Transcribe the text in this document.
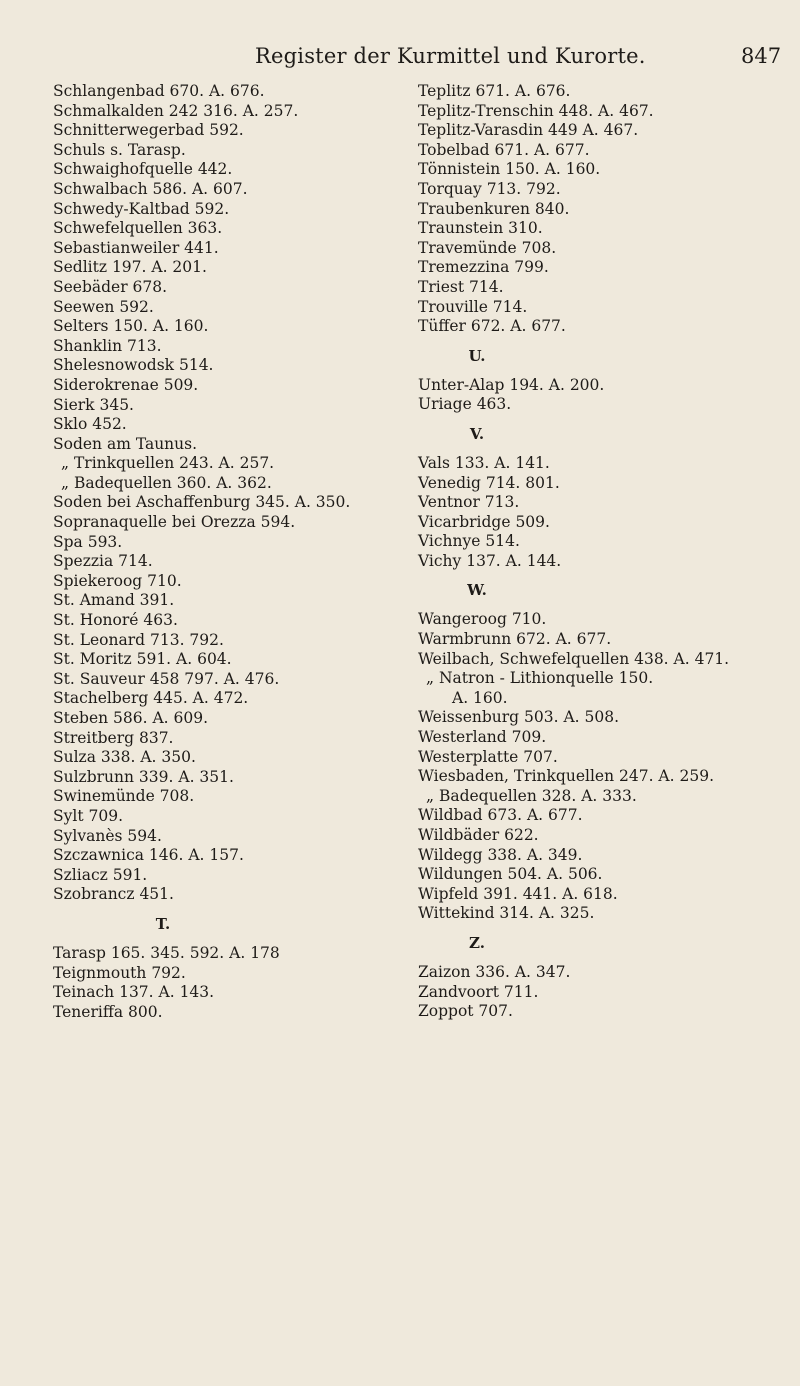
Register der Kurmittel und Kurorte.	847
Schlangenbad 670. A. 676.
Schmalkalden 242 316. A. 257.
Schnitterwegerbad 592.
Schuls s. Tarasp.
Schwaighofquelle 442.
Schwalbach 586. A. 607.
Schwedy-Kaltbad 592.
Schwefelquellen 363.
Sebastianweiler 441.
Sedlitz 197. A. 201.
Seebäder 678.
Seewen 592.
Selters 150. A. 160.
Shanklin 713.
Shelesnowodsk 514.
Siderokrenae 509.
Sierk 345.
Sklo 452.
Soden am Taunus.
„ Trinkquellen 243. A. 257.
„ Badequellen 360. A. 362.
Soden bei Aschaffenburg 345. A. 350.
Sopranaquelle bei Orezza 594.
Spa 593.
Spezzia 714.
Spiekeroog 710.
St. Amand 391.
St. Honoré 463.
St. Leonard 713. 792.
St. Moritz 591. A. 604.
St. Sauveur 458 797. A. 476.
Stachelberg 445. A. 472.
Steben 586. A. 609.
Streitberg 837.
Sulza 338. A. 350.
Sulzbrunn 339. A. 351.
Swinemünde 708.
Sylt 709.
Sylvanès 594.
Szczawnica 146. A. 157.
Szliacz 591.
Szobrancz 451.
T.
Tarasp 165. 345. 592. A. 178
Teignmouth 792.
Teinach 137. A. 143.
Teneriffa 800.
Teplitz 671. A. 676.
Teplitz-Trenschin 448. A. 467.
Teplitz-Varasdin 449 A. 467.
Tobelbad 671. A. 677.
Tönnistein 150. A. 160.
Torquay 713. 792.
Traubenkuren 840.
Traunstein 310.
Travemünde 708.
Tremezzina 799.
Triest 714.
Trouville 714.
Tüffer 672. A. 677.
U.
Unter-Alap 194. A. 200.
Uriage 463.
V.
Vals 133. A. 141.
Venedig 714. 801.
Ventnor 713.
Vicarbridge 509.
Vichnye 514.
Vichy 137. A. 144.
W.
Wangeroog 710.
Warmbrunn 672. A. 677.
Weilbach, Schwefelquellen 438. A. 471.
„ Natron - Lithionquelle 150.
A. 160.
Weissenburg 503. A. 508.
Westerland 709.
Westerplatte 707.
Wiesbaden, Trinkquellen 247. A. 259.
„ Badequellen 328. A. 333.
Wildbad 673. A. 677.
Wildbäder 622.
Wildegg 338. A. 349.
Wildungen 504. A. 506.
Wipfeld 391. 441. A. 618.
Wittekind 314. A. 325.
Z.
Zaizon 336. A. 347.
Zandvoort 711.
Zoppot 707.
